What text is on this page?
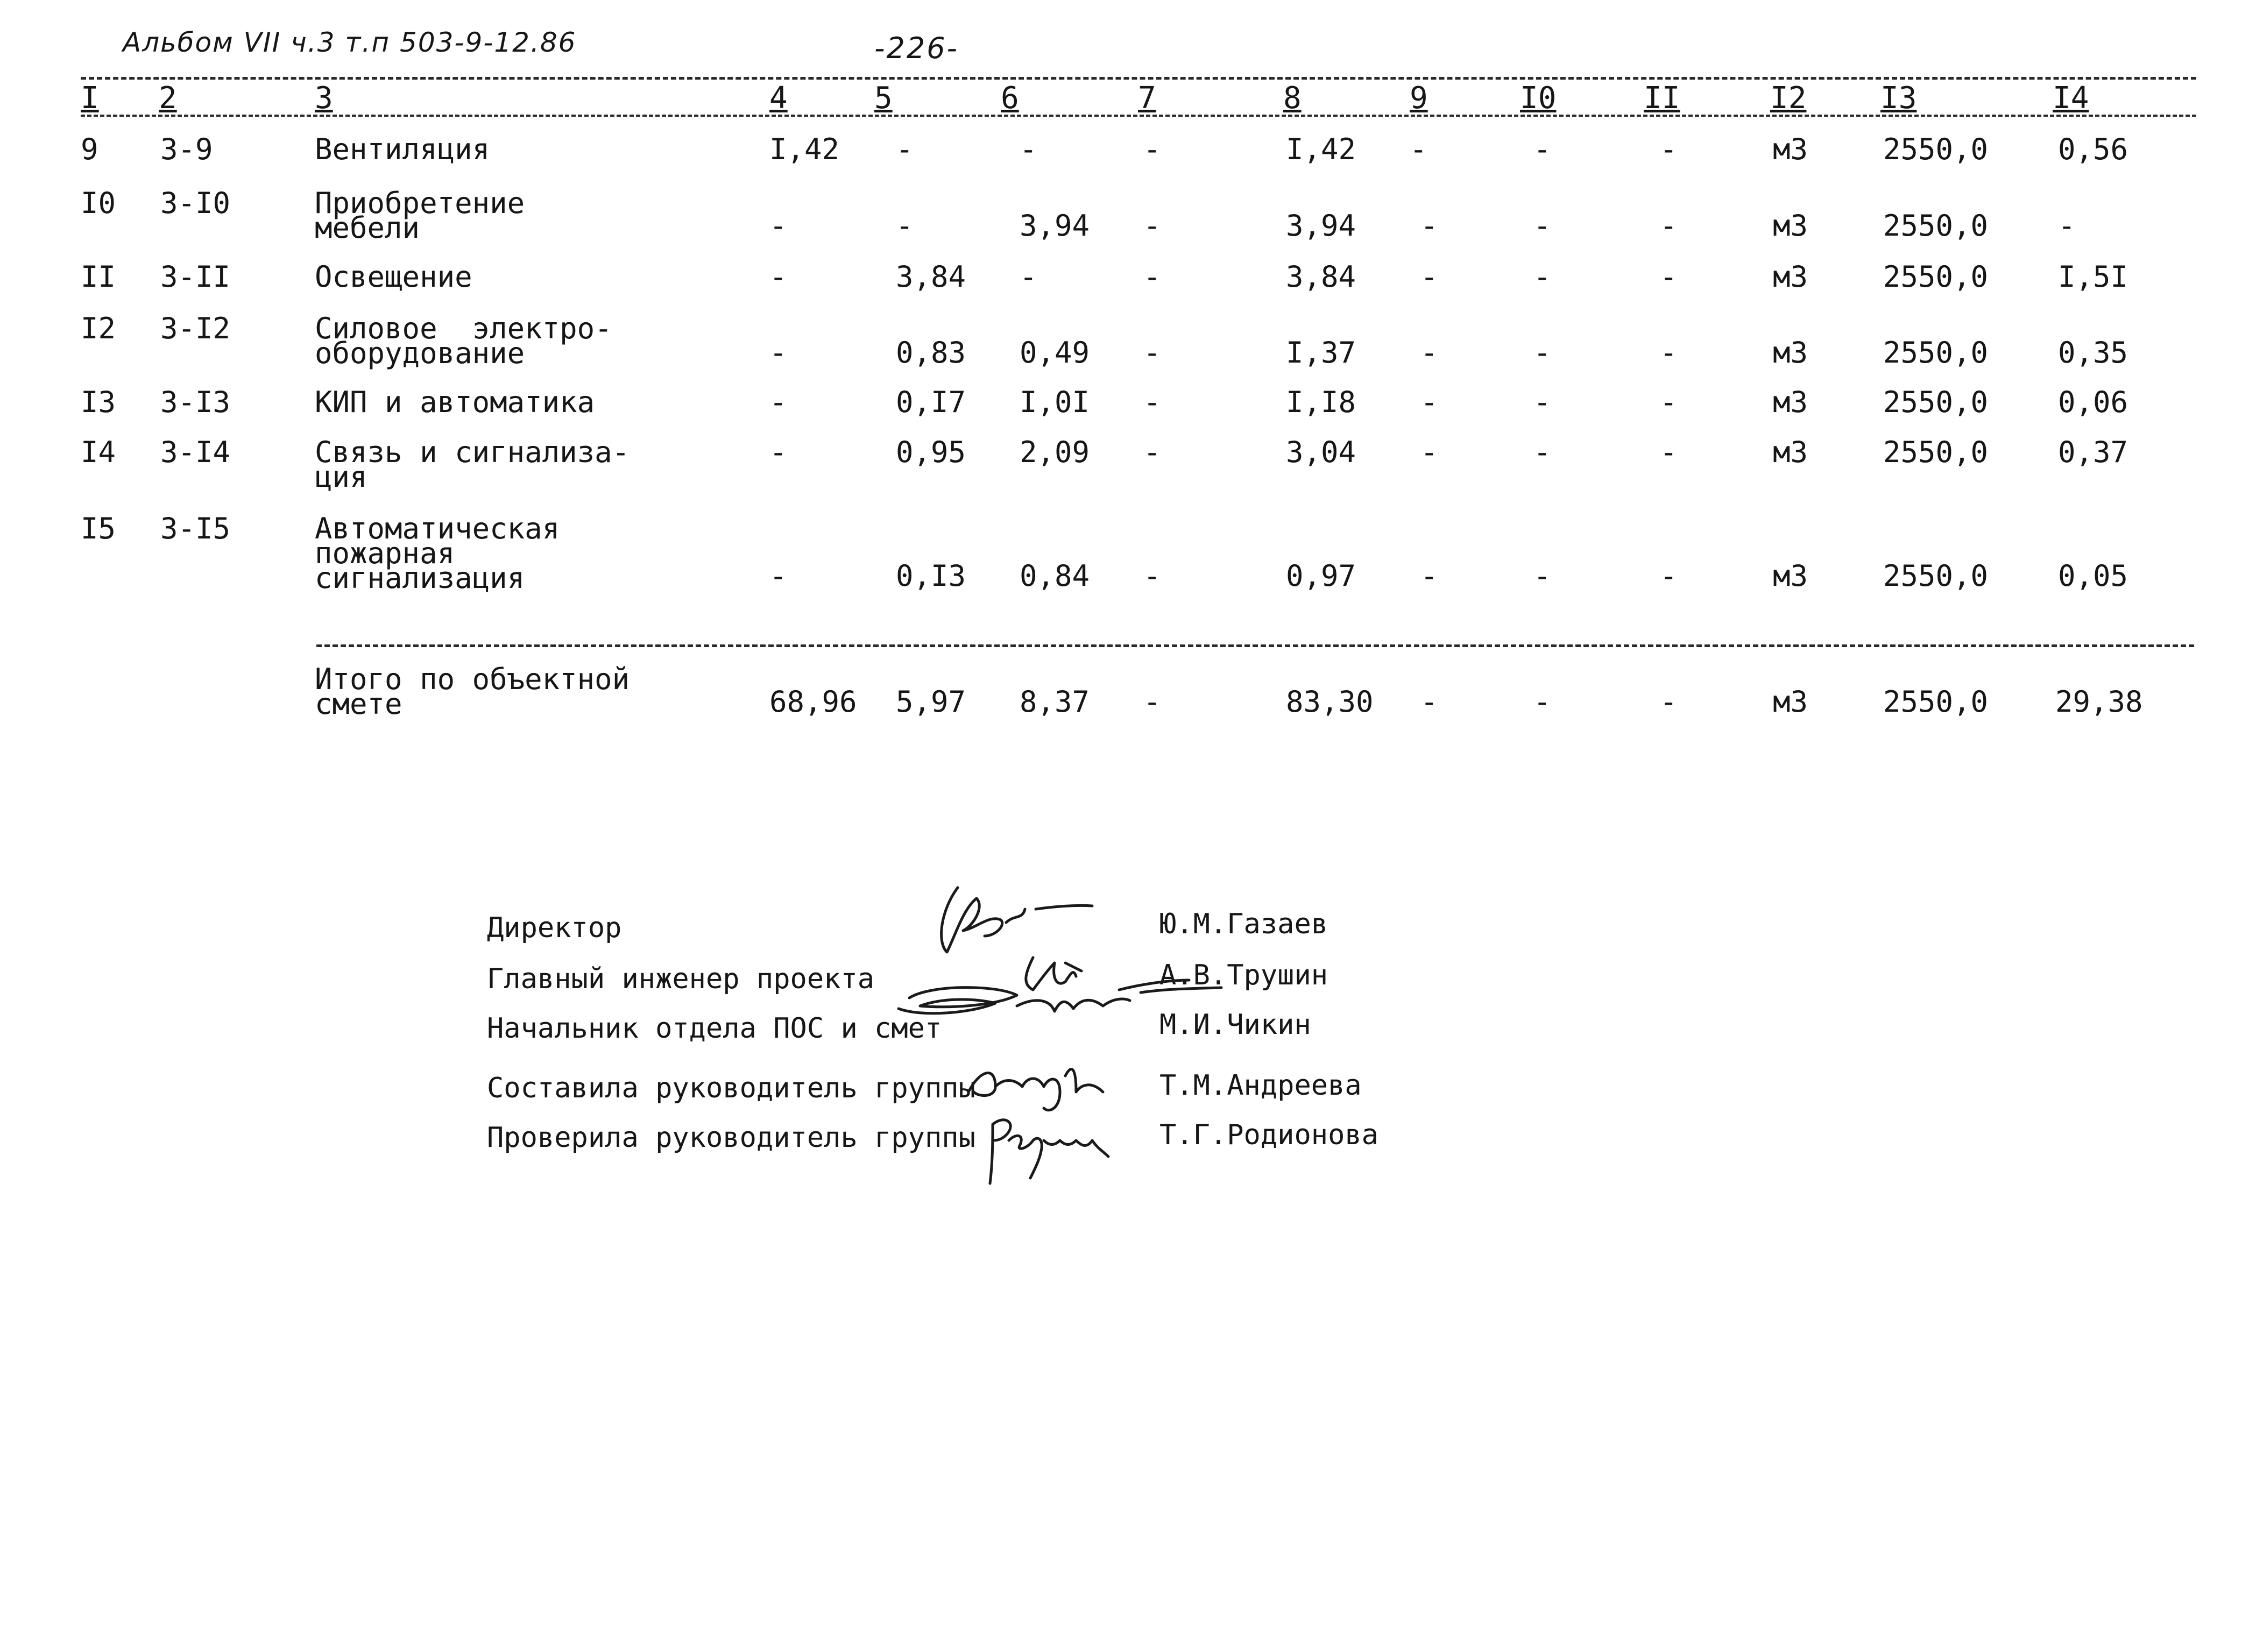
Альбом VII ч.3 т.п 503-9-12.86	-226-
I 2	3	4	5	6	7	8	9	I0	II	I2 I3	I4
9 3-9	Вентиляция	I,42 -	-	-	I,42 -	-	-	м3	2550,0 0,56
I0 3-I0	Приобретение
мебели	-	-	3,94 -	3,94 -	-	-	м3	2550,0 -
II 3-II	Освещение	-	3,84 -	-	3,84 -	-	-	м3	2550,0 I,5I
I2 3-I2	Силовое  электро-
оборудование	-	0,83 0,49 -	I,37 -	-	-	м3	2550,0 0,35
I3 3-I3	КИП и автоматика	-	0,I7 I,0I -	I,I8 -	-	-	м3	2550,0 0,06
I4 3-I4	Связь и сигнализа-
ция
-	0,95 2,09 -	3,04 -	-	-	м3	2550,0 0,37
I5 3-I5	Автоматическая
пожарная
сигнализация	-	0,I3 0,84 -	0,97 -	-	-	м3	2550,0 0,05
Итого по объектной
смете	68,96 5,97 8,37 -	83,30 -	-	-	м3	2550,0 29,38
Директор	Ю.М.Газаев
Главный инженер проекта	А.В.Трушин
Начальник отдела ПОС и смет	М.И.Чикин
Составила руководитель группы	Т.М.Андреева
Проверила руководитель группы	Т.Г.Родионова
